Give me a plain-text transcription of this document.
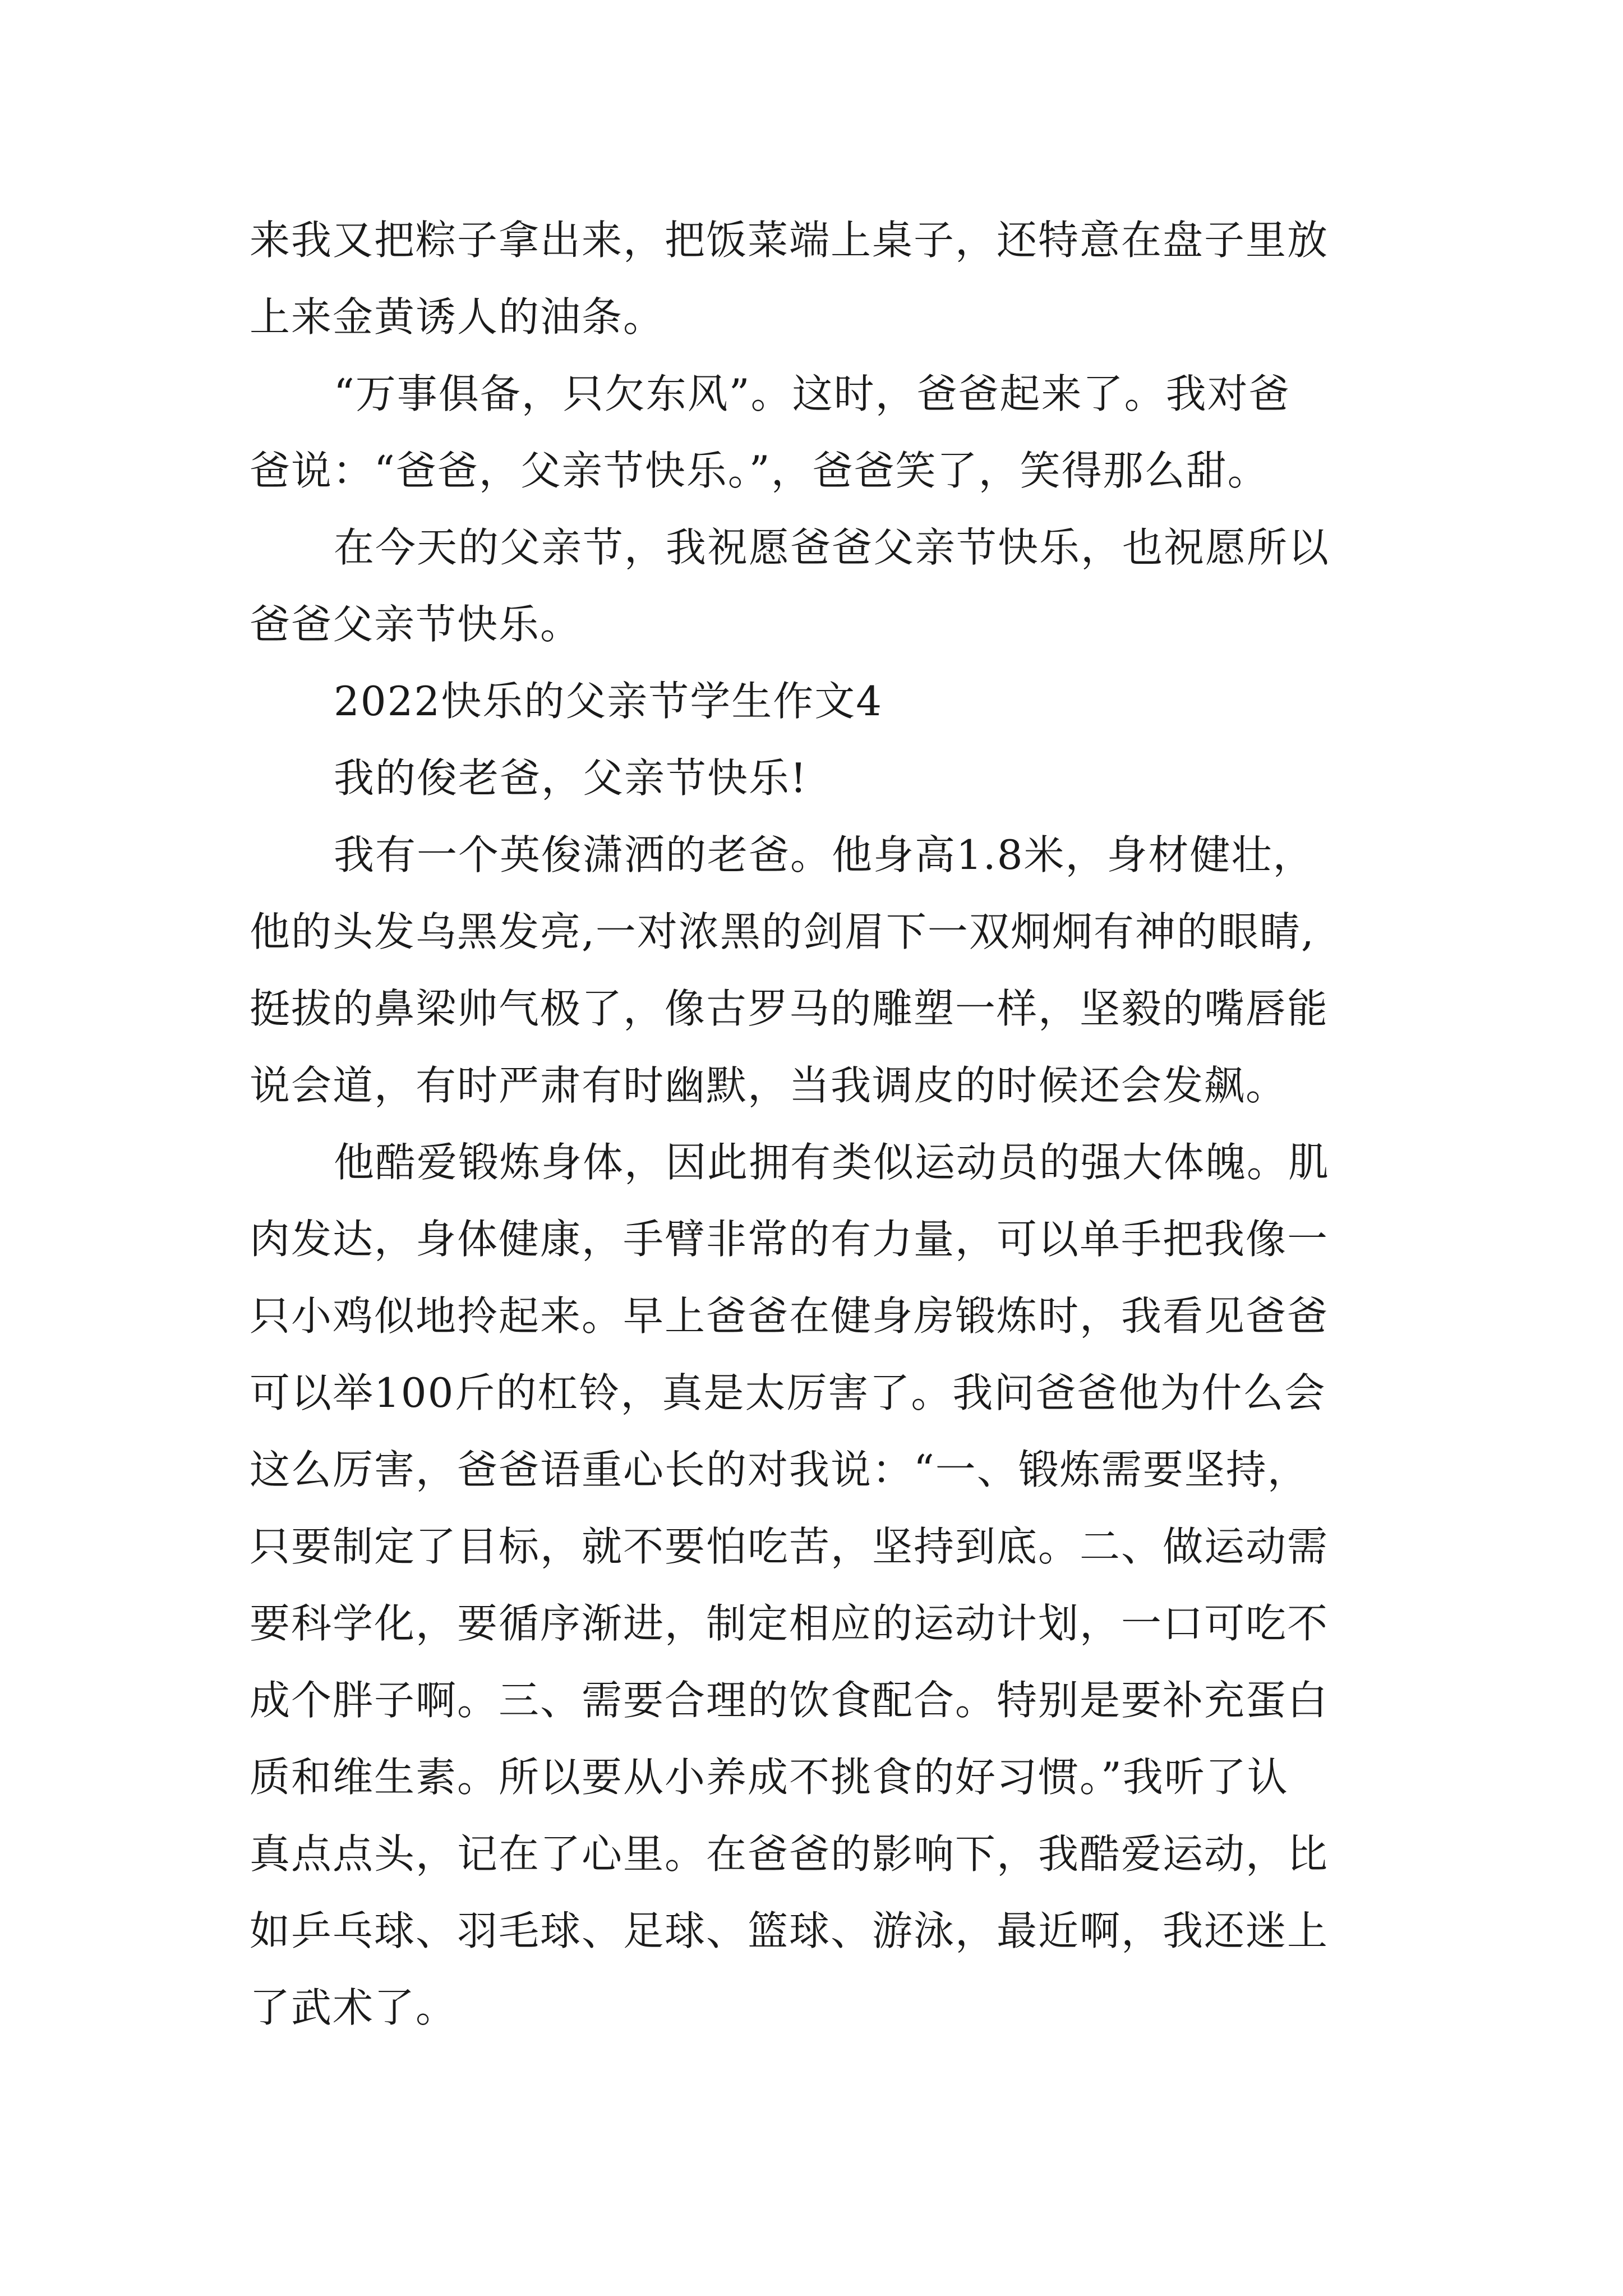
来我又把粽子拿出来，把饭菜端上桌子，还特意在盘子里放
上来金黄诱人的油条。
“万事俱备，只欠东风”。这时，爸爸起来了。我对爸
爸说：“爸爸，父亲节快乐。”，爸爸笑了，笑得那么甜。
在今天的父亲节，我祝愿爸爸父亲节快乐，也祝愿所以
爸爸父亲节快乐。
2022快乐的父亲节学生作文4
我的俊老爸，父亲节快乐!
我有一个英俊潇洒的老爸。他身高1.8米，身材健壮，
他的头发乌黑发亮,一对浓黑的剑眉下一双炯炯有神的眼睛,
挺拔的鼻梁帅气极了，像古罗马的雕塑一样，坚毅的嘴唇能
说会道，有时严肃有时幽默，当我调皮的时候还会发飙。
他酷爱锻炼身体，因此拥有类似运动员的强大体魄。肌
肉发达，身体健康，手臂非常的有力量，可以单手把我像一
只小鸡似地拎起来。早上爸爸在健身房锻炼时，我看见爸爸
可以举100斤的杠铃，真是太厉害了。我问爸爸他为什么会
这么厉害，爸爸语重心长的对我说：“一、锻炼需要坚持，
只要制定了目标，就不要怕吃苦，坚持到底。二、做运动需
要科学化，要循序渐进，制定相应的运动计划，一口可吃不
成个胖子啊。三、需要合理的饮食配合。特别是要补充蛋白
质和维生素。所以要从小养成不挑食的好习惯。”我听了认
真点点头，记在了心里。在爸爸的影响下，我酷爱运动，比
如乒乓球、羽毛球、足球、篮球、游泳，最近啊，我还迷上
了武术了。
